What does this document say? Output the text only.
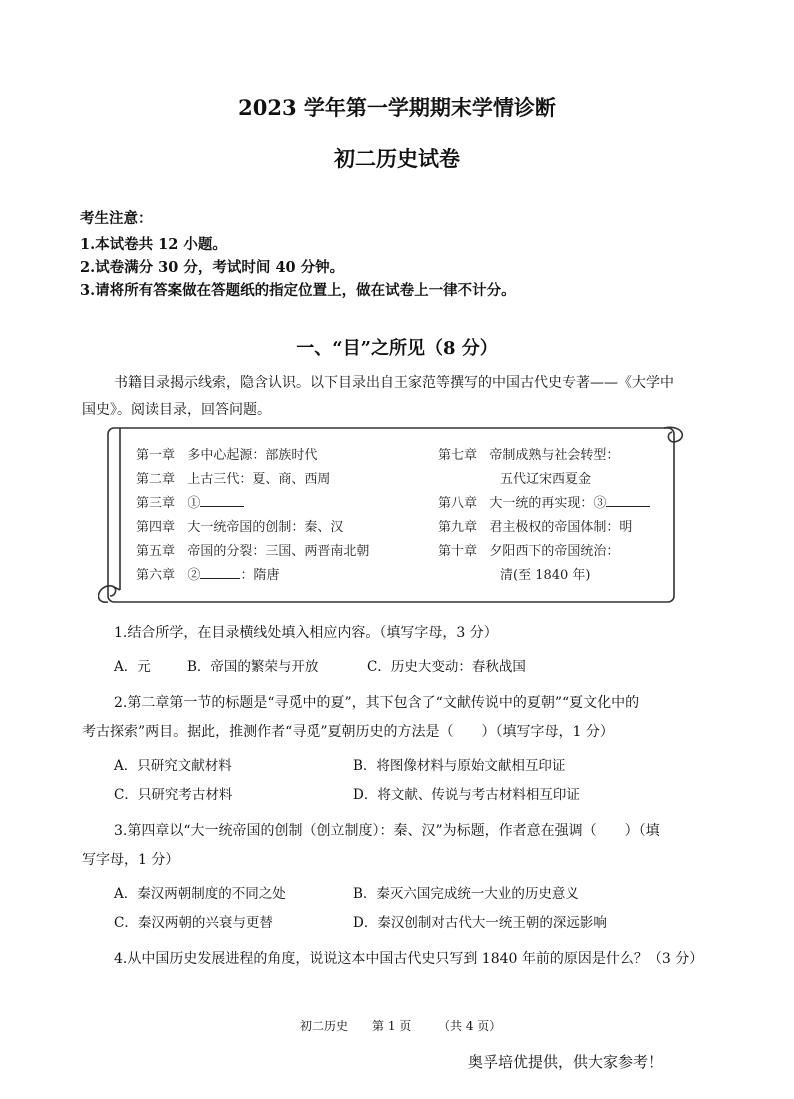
2023 学年第一学期期末学情诊断
初二历史试卷
考生注意：
1.本试卷共 12 小题。
2.试卷满分 30 分，考试时间 40 分钟。
3.请将所有答案做在答题纸的指定位置上，做在试卷上一律不计分。
一、“目”之所见（8 分）
书籍目录揭示线索，隐含认识。以下目录出自王家范等撰写的中国古代史专著——《大学中
国史》。阅读目录，回答问题。
第一章 多中心起源：部族时代
第二章 上古三代：夏、商、西周
第三章 ①
第四章 大一统帝国的创制：秦、汉
第五章 帝国的分裂：三国、两晋南北朝
第六章 ②	：隋唐
第七章 帝制成熟与社会转型：
五代辽宋西夏金
第八章 大一统的再实现：③
第九章 君主极权的帝国体制：明
第十章 夕阳西下的帝国统治：
清(至 1840 年)
1.结合所学，在目录横线处填入相应内容。（填写字母，3 分）
A．元	B．帝国的繁荣与开放	C．历史大变动：春秋战国
2.第二章第一节的标题是“寻觅中的夏”，其下包含了“文献传说中的夏朝”“夏文化中的
考古探索”两目。据此，推测作者“寻觅”夏朝历史的方法是（　　）（填写字母，1 分）
A．只研究文献材料	B．将图像材料与原始文献相互印证
C．只研究考古材料	D．将文献、传说与考古材料相互印证
3.第四章以“大一统帝国的创制（创立制度）：秦、汉”为标题，作者意在强调（　　）（填
写字母，1 分）
A．秦汉两朝制度的不同之处	B．秦灭六国完成统一大业的历史意义
C．秦汉两朝的兴衰与更替	D．秦汉创制对古代大一统王朝的深远影响
4.从中国历史发展进程的角度，说说这本中国古代史只写到 1840 年前的原因是什么？（3 分）
初二历史 第 1 页 （共 4 页）
奥孚培优提供，供大家参考！
